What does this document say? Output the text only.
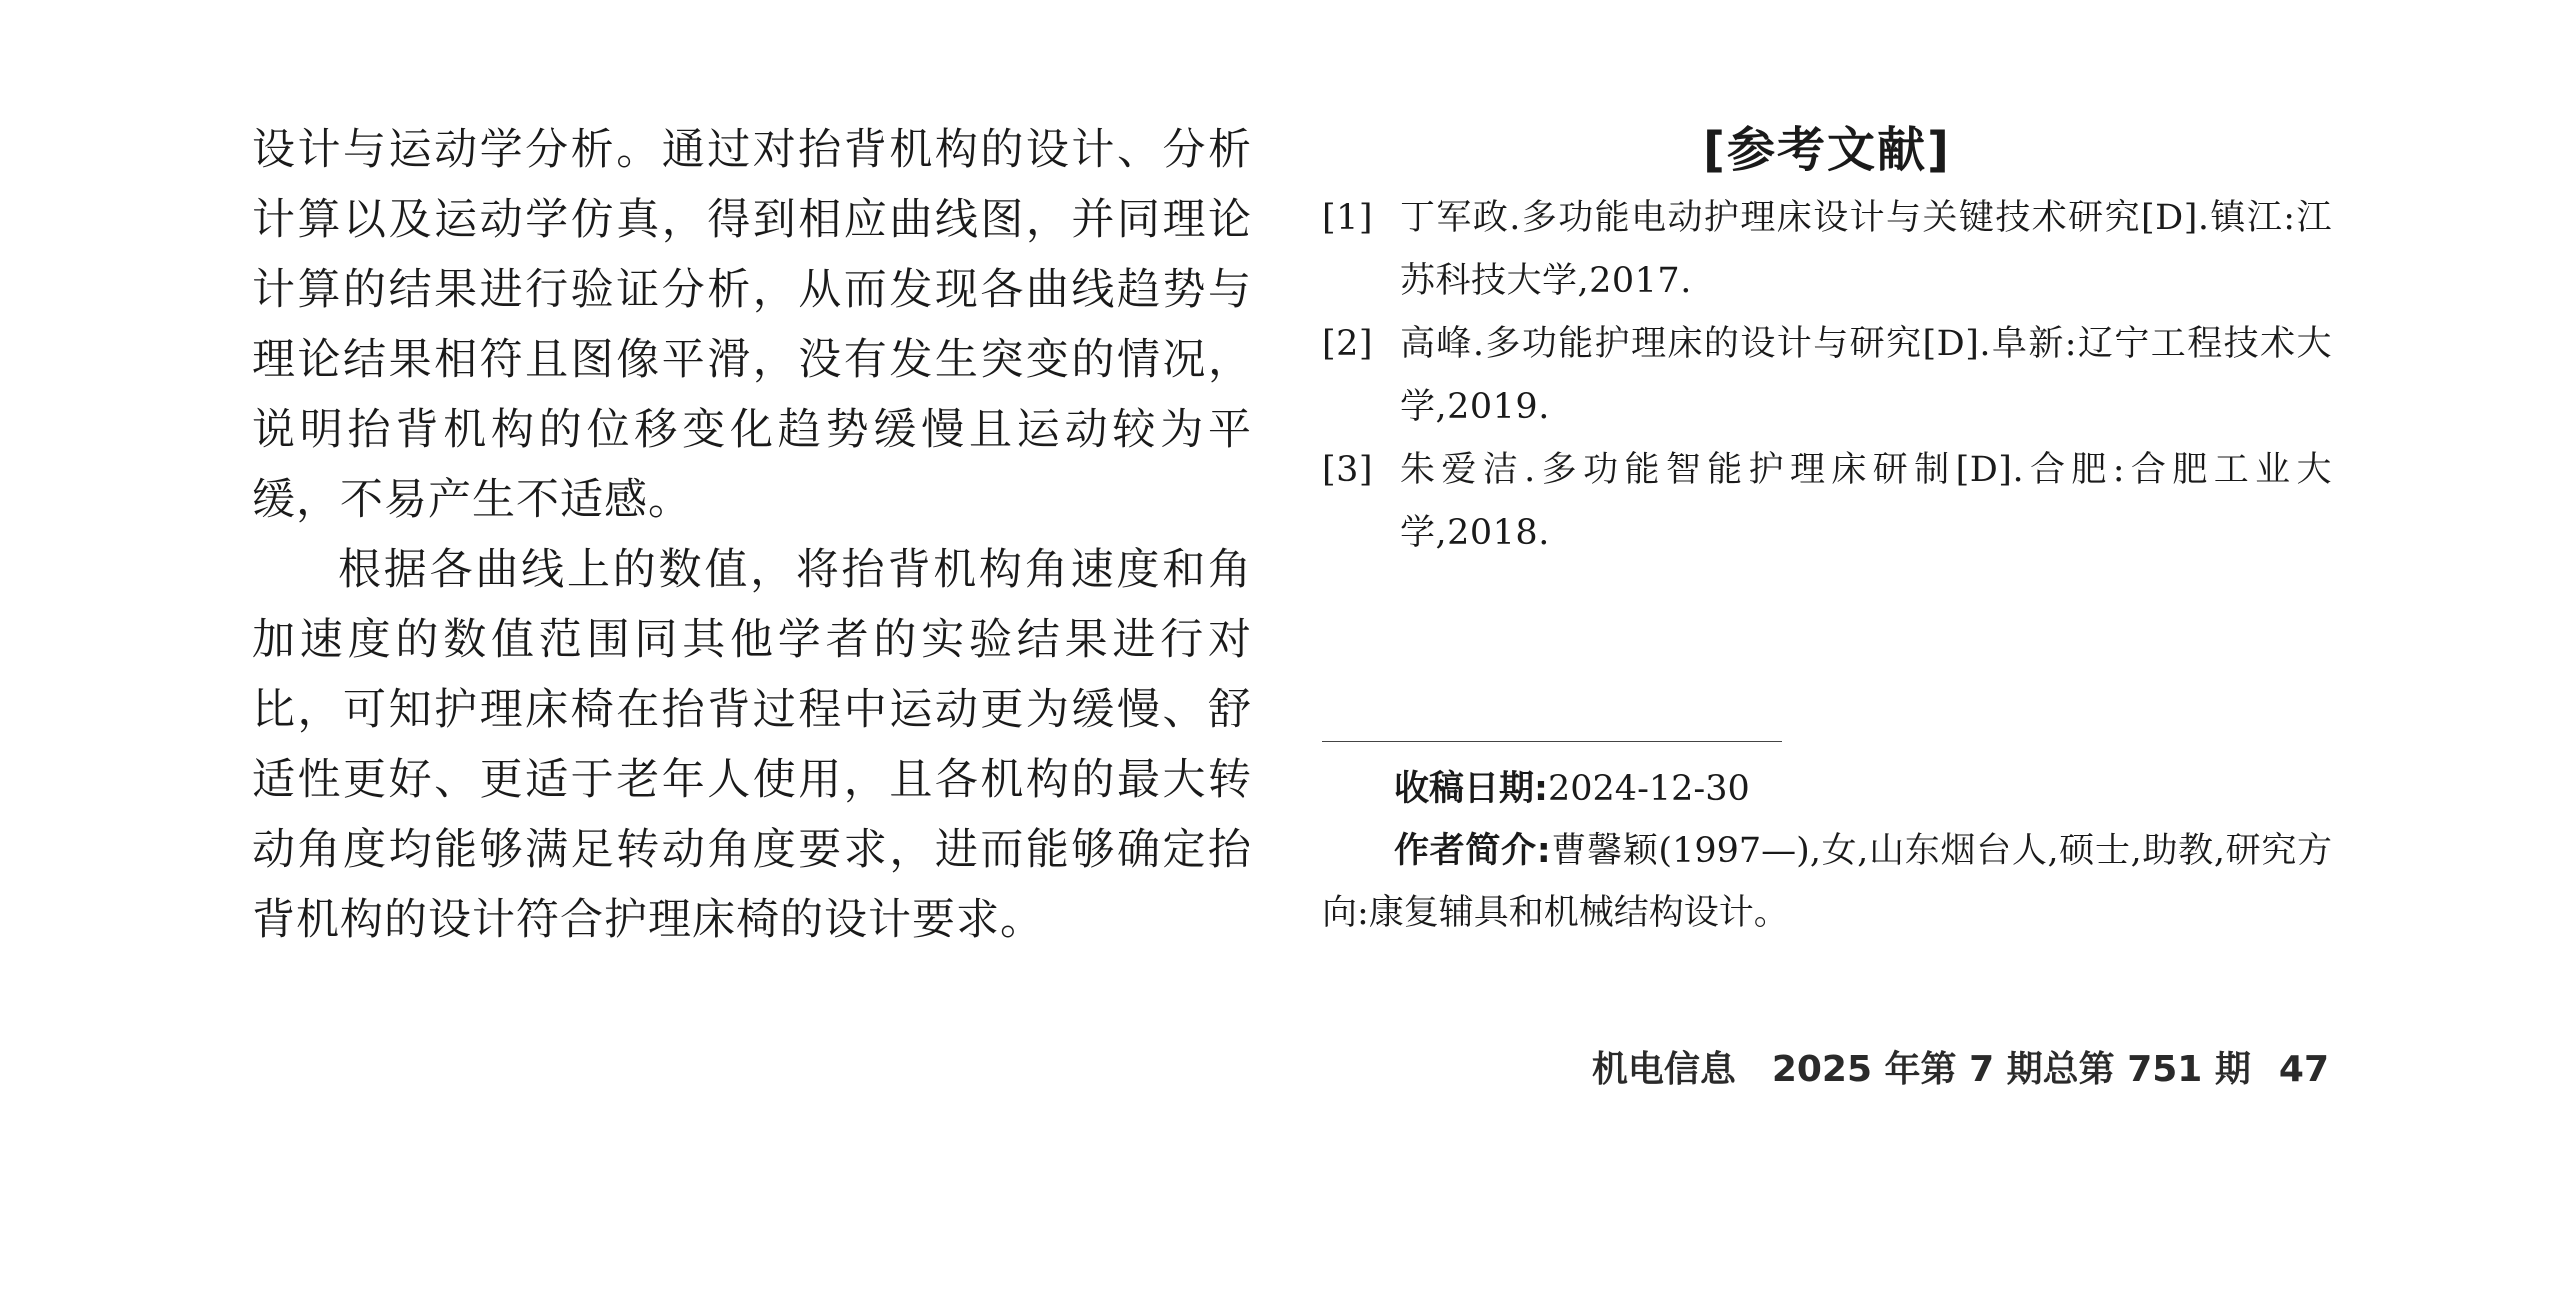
设计与运动学分析。通过对抬背机构的设计、分析计算以及运动学仿真，得到相应曲线图，并同理论计算的结果进行验证分析，从而发现各曲线趋势与理论结果相符且图像平滑，没有发生突变的情况，说明抬背机构的位移变化趋势缓慢且运动较为平缓，不易产生不适感。

根据各曲线上的数值，将抬背机构角速度和角加速度的数值范围同其他学者的实验结果进行对比，可知护理床椅在抬背过程中运动更为缓慢、舒适性更好、更适于老年人使用，且各机构的最大转动角度均能够满足转动角度要求，进而能够确定抬背机构的设计符合护理床椅的设计要求。

[参考文献]
[1] 丁军政.多功能电动护理床设计与关键技术研究[D].镇江:江苏科技大学,2017.
[2] 高峰.多功能护理床的设计与研究[D].阜新:辽宁工程技术大学,2019.
[3] 朱爱洁.多功能智能护理床研制[D].合肥:合肥工业大学,2018.

收稿日期:2024-12-30

作者简介:曹馨颖(1997—),女,山东烟台人,硕士,助教,研究方向:康复辅具和机械结构设计。

机电信息 2025 年第 7 期总第 751 期 47
